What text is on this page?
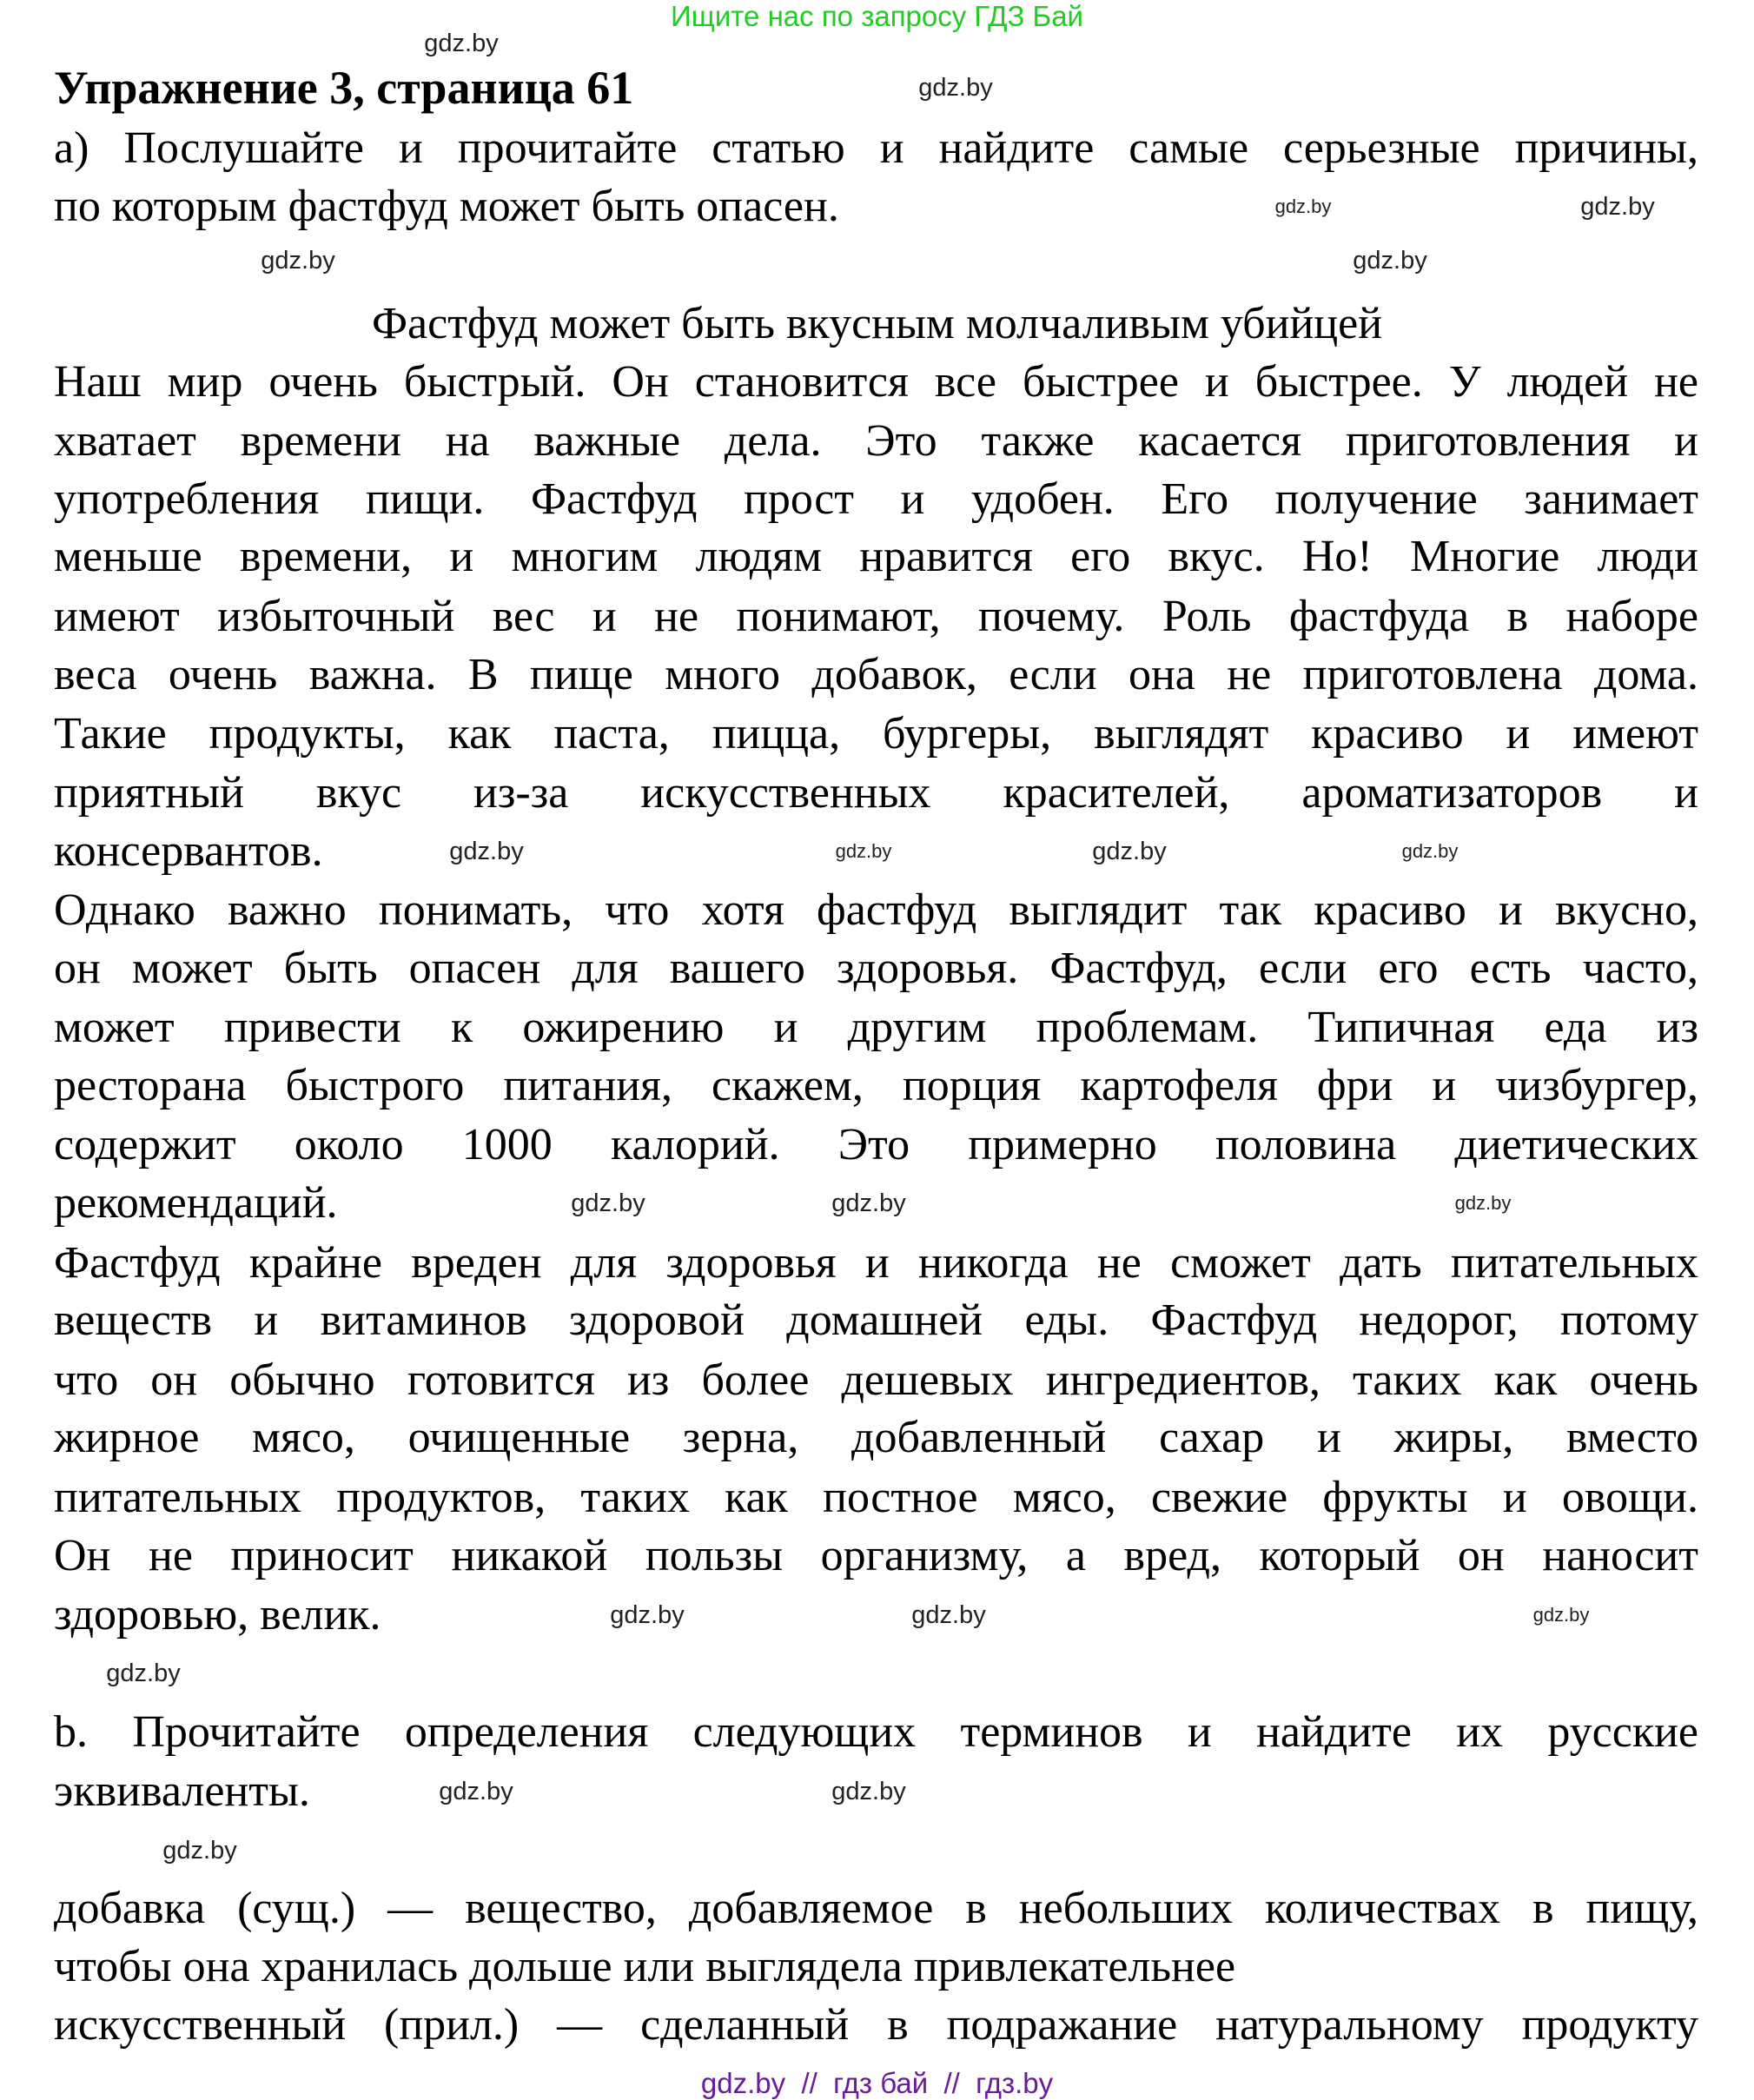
Ищите нас по запросу ГДЗ Бай
Упражнение 3, страница 61
а) Послушайте и прочитайте статью и найдите самые серьезные причины,
по которым фастфуд может быть опасен.
Фастфуд может быть вкусным молчаливым убийцей
Наш мир очень быстрый. Он становится все быстрее и быстрее. У людей не
хватает времени на важные дела. Это также касается приготовления и
употребления пищи. Фастфуд прост и удобен. Его получение занимает
меньше времени, и многим людям нравится его вкус. Но! Многие люди
имеют избыточный вес и не понимают, почему. Роль фастфуда в наборе
веса очень важна. В пище много добавок, если она не приготовлена дома.
Такие продукты, как паста, пицца, бургеры, выглядят красиво и имеют
приятный вкус из-за искусственных красителей, ароматизаторов и
консервантов.
Однако важно понимать, что хотя фастфуд выглядит так красиво и вкусно,
он может быть опасен для вашего здоровья. Фастфуд, если его есть часто,
может привести к ожирению и другим проблемам. Типичная еда из
ресторана быстрого питания, скажем, порция картофеля фри и чизбургер,
содержит около 1000 калорий. Это примерно половина диетических
рекомендаций.
Фастфуд крайне вреден для здоровья и никогда не сможет дать питательных
веществ и витаминов здоровой домашней еды. Фастфуд недорог, потому
что он обычно готовится из более дешевых ингредиентов, таких как очень
жирное мясо, очищенные зерна, добавленный сахар и жиры, вместо
питательных продуктов, таких как постное мясо, свежие фрукты и овощи.
Он не приносит никакой пользы организму, а вред, который он наносит
здоровью, велик.
b. Прочитайте определения следующих терминов и найдите их русские
эквиваленты.
добавка (сущ.) — вещество, добавляемое в небольших количествах в пищу,
чтобы она хранилась дольше или выглядела привлекательнее
искусственный (прил.) — сделанный в подражание натуральному продукту
gdz.by
gdz.by
gdz.by	gdz.by
gdz.by	gdz.by
gdz.by	gdz.by	gdz.by	gdz.by
gdz.by	gdz.by	gdz.by
gdz.by	gdz.by	gdz.by
gdz.by
gdz.by	gdz.by
gdz.by
gdz.by  //  гдз бай  //  гдз.by
